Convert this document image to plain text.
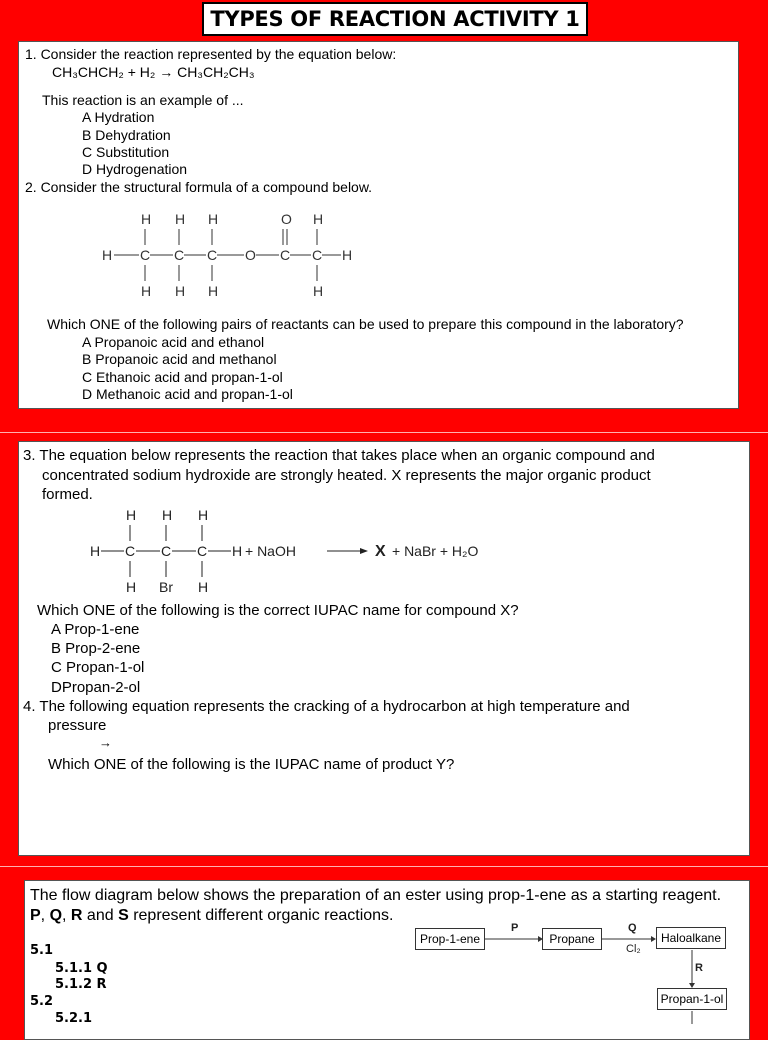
TYPES OF REACTION ACTIVITY 1
1. Consider the reaction represented by the equation below:
CH₃CHCH₂ + H₂ → CH₃CH₂CH₃
This reaction is an example of ...
A Hydration
B Dehydration
C Substitution
D Hydrogenation
2. Consider the structural formula of a compound below.
H H H	O H
H C C C O C C H
H H H	H
Which ONE of the following pairs of reactants can be used to prepare this compound in the laboratory?
A Propanoic acid and ethanol
B Propanoic acid and methanol
C Ethanoic acid and propan-1-ol
D Methanoic acid and propan-1-ol
3. The equation below represents the reaction that takes place when an organic compound and
concentrated sodium hydroxide are strongly heated. X represents the major organic product
formed.
H H H
H C C C H
H Br H
+ NaOH	X + NaBr + H₂O
Which ONE of the following is the correct IUPAC name for compound X?
A Prop-1-ene
B Prop-2-ene
C Propan-1-ol
DPropan-2-ol
4. The following equation represents the cracking of a hydrocarbon at high temperature and
pressure
→
Which ONE of the following is the IUPAC name of product Y?
The flow diagram below shows the preparation of an ester using prop-1-ene as a starting reagent.
P, Q, R and S represent different organic reactions.
5.1
5.1.1 Q
5.1.2 R
5.2
5.2.1
Prop-1-ene	Propane	Haloalkane
Propan-1-ol
P	Q
Cl₂
R
